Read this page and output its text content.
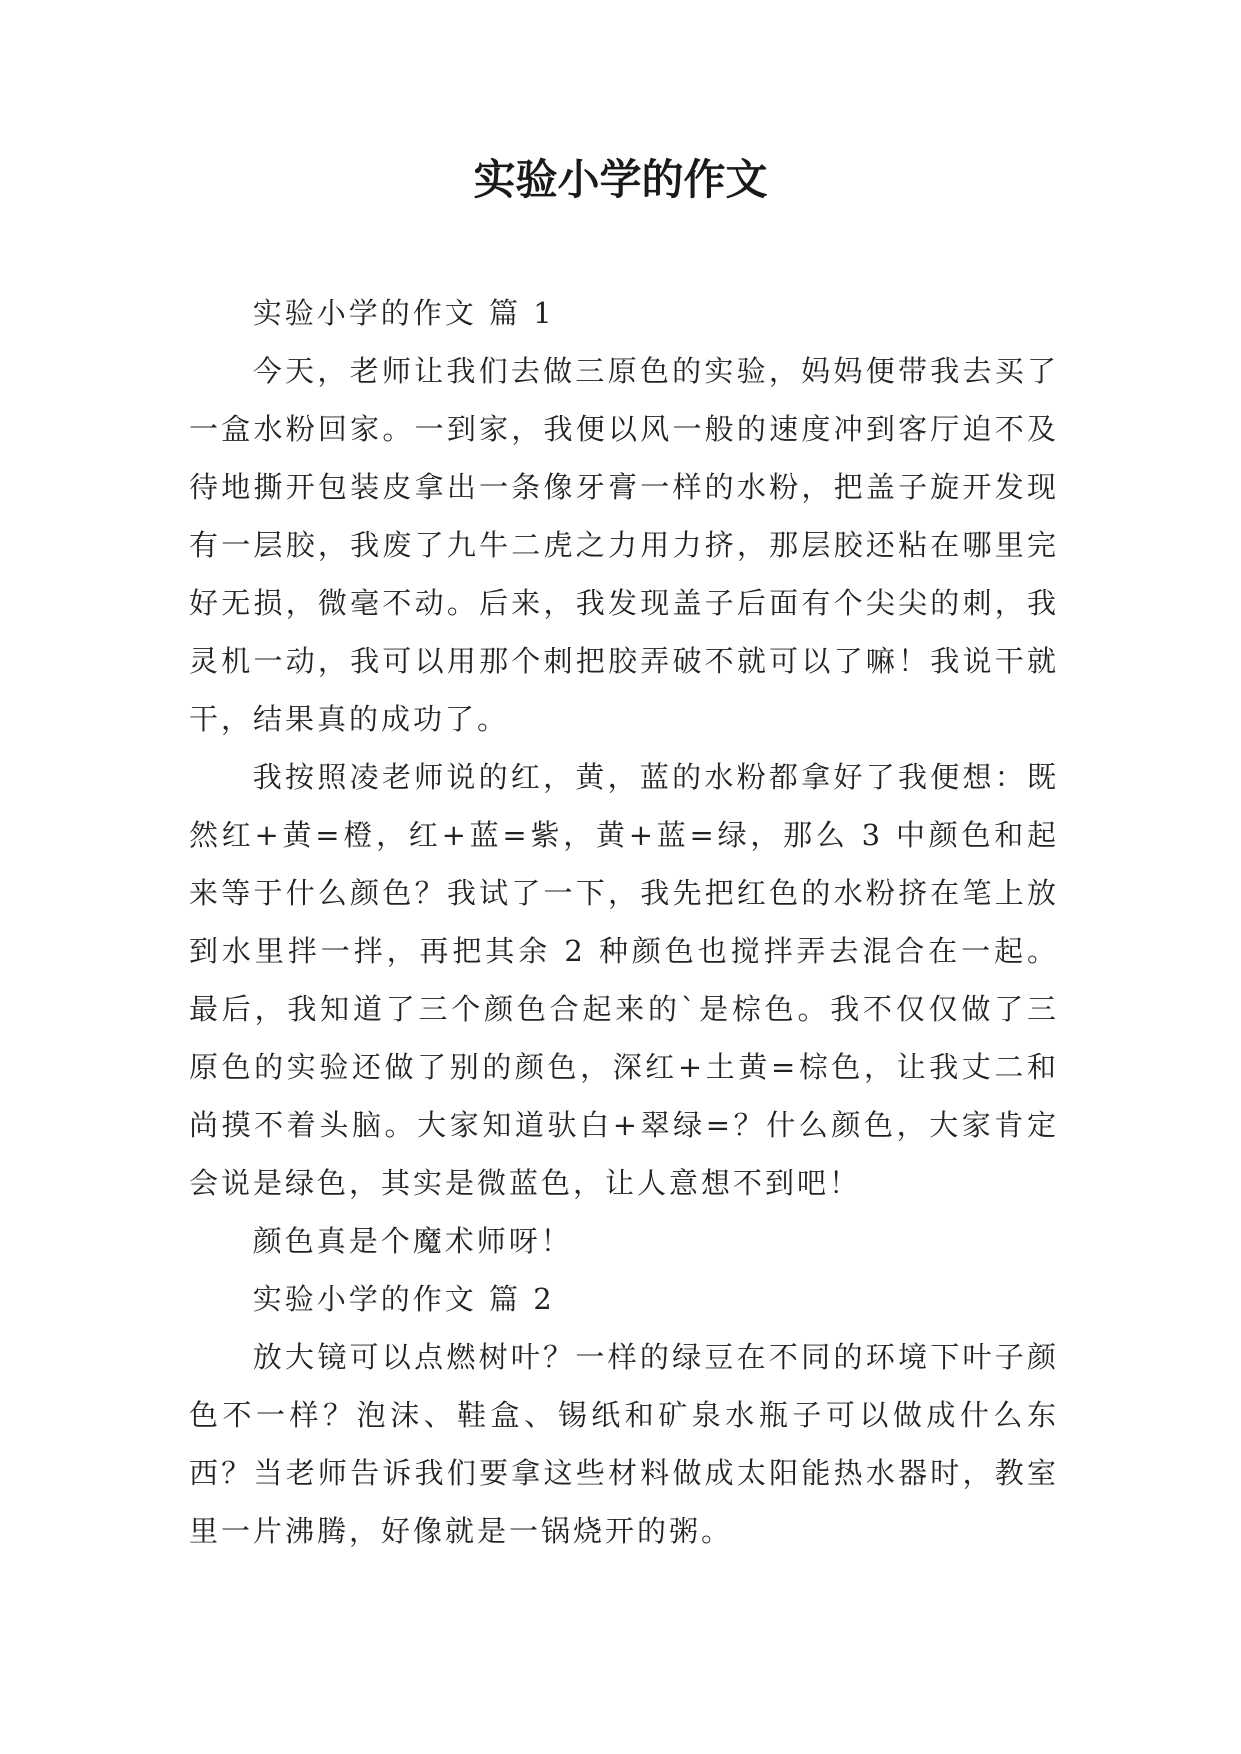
实验小学的作文

实验小学的作文 篇 1

今天，老师让我们去做三原色的实验，妈妈便带我去买了一盒水粉回家。一到家，我便以风一般的速度冲到客厅迫不及待地撕开包装皮拿出一条像牙膏一样的水粉，把盖子旋开发现有一层胶，我废了九牛二虎之力用力挤，那层胶还粘在哪里完好无损，微毫不动。后来，我发现盖子后面有个尖尖的刺，我灵机一动，我可以用那个刺把胶弄破不就可以了嘛！我说干就干，结果真的成功了。

我按照凌老师说的红，黄，蓝的水粉都拿好了我便想：既然红+黄=橙，红+蓝=紫，黄+蓝=绿，那么 3 中颜色和起来等于什么颜色？我试了一下，我先把红色的水粉挤在笔上放到水里拌一拌，再把其余 2 种颜色也搅拌弄去混合在一起。最后，我知道了三个颜色合起来的`是棕色。我不仅仅做了三原色的实验还做了别的颜色，深红+土黄=棕色，让我丈二和尚摸不着头脑。大家知道驮白+翠绿=？什么颜色，大家肯定会说是绿色，其实是微蓝色，让人意想不到吧！

颜色真是个魔术师呀！

实验小学的作文 篇 2

放大镜可以点燃树叶？一样的绿豆在不同的环境下叶子颜色不一样？泡沫、鞋盒、锡纸和矿泉水瓶子可以做成什么东西？当老师告诉我们要拿这些材料做成太阳能热水器时，教室里一片沸腾，好像就是一锅烧开的粥。
